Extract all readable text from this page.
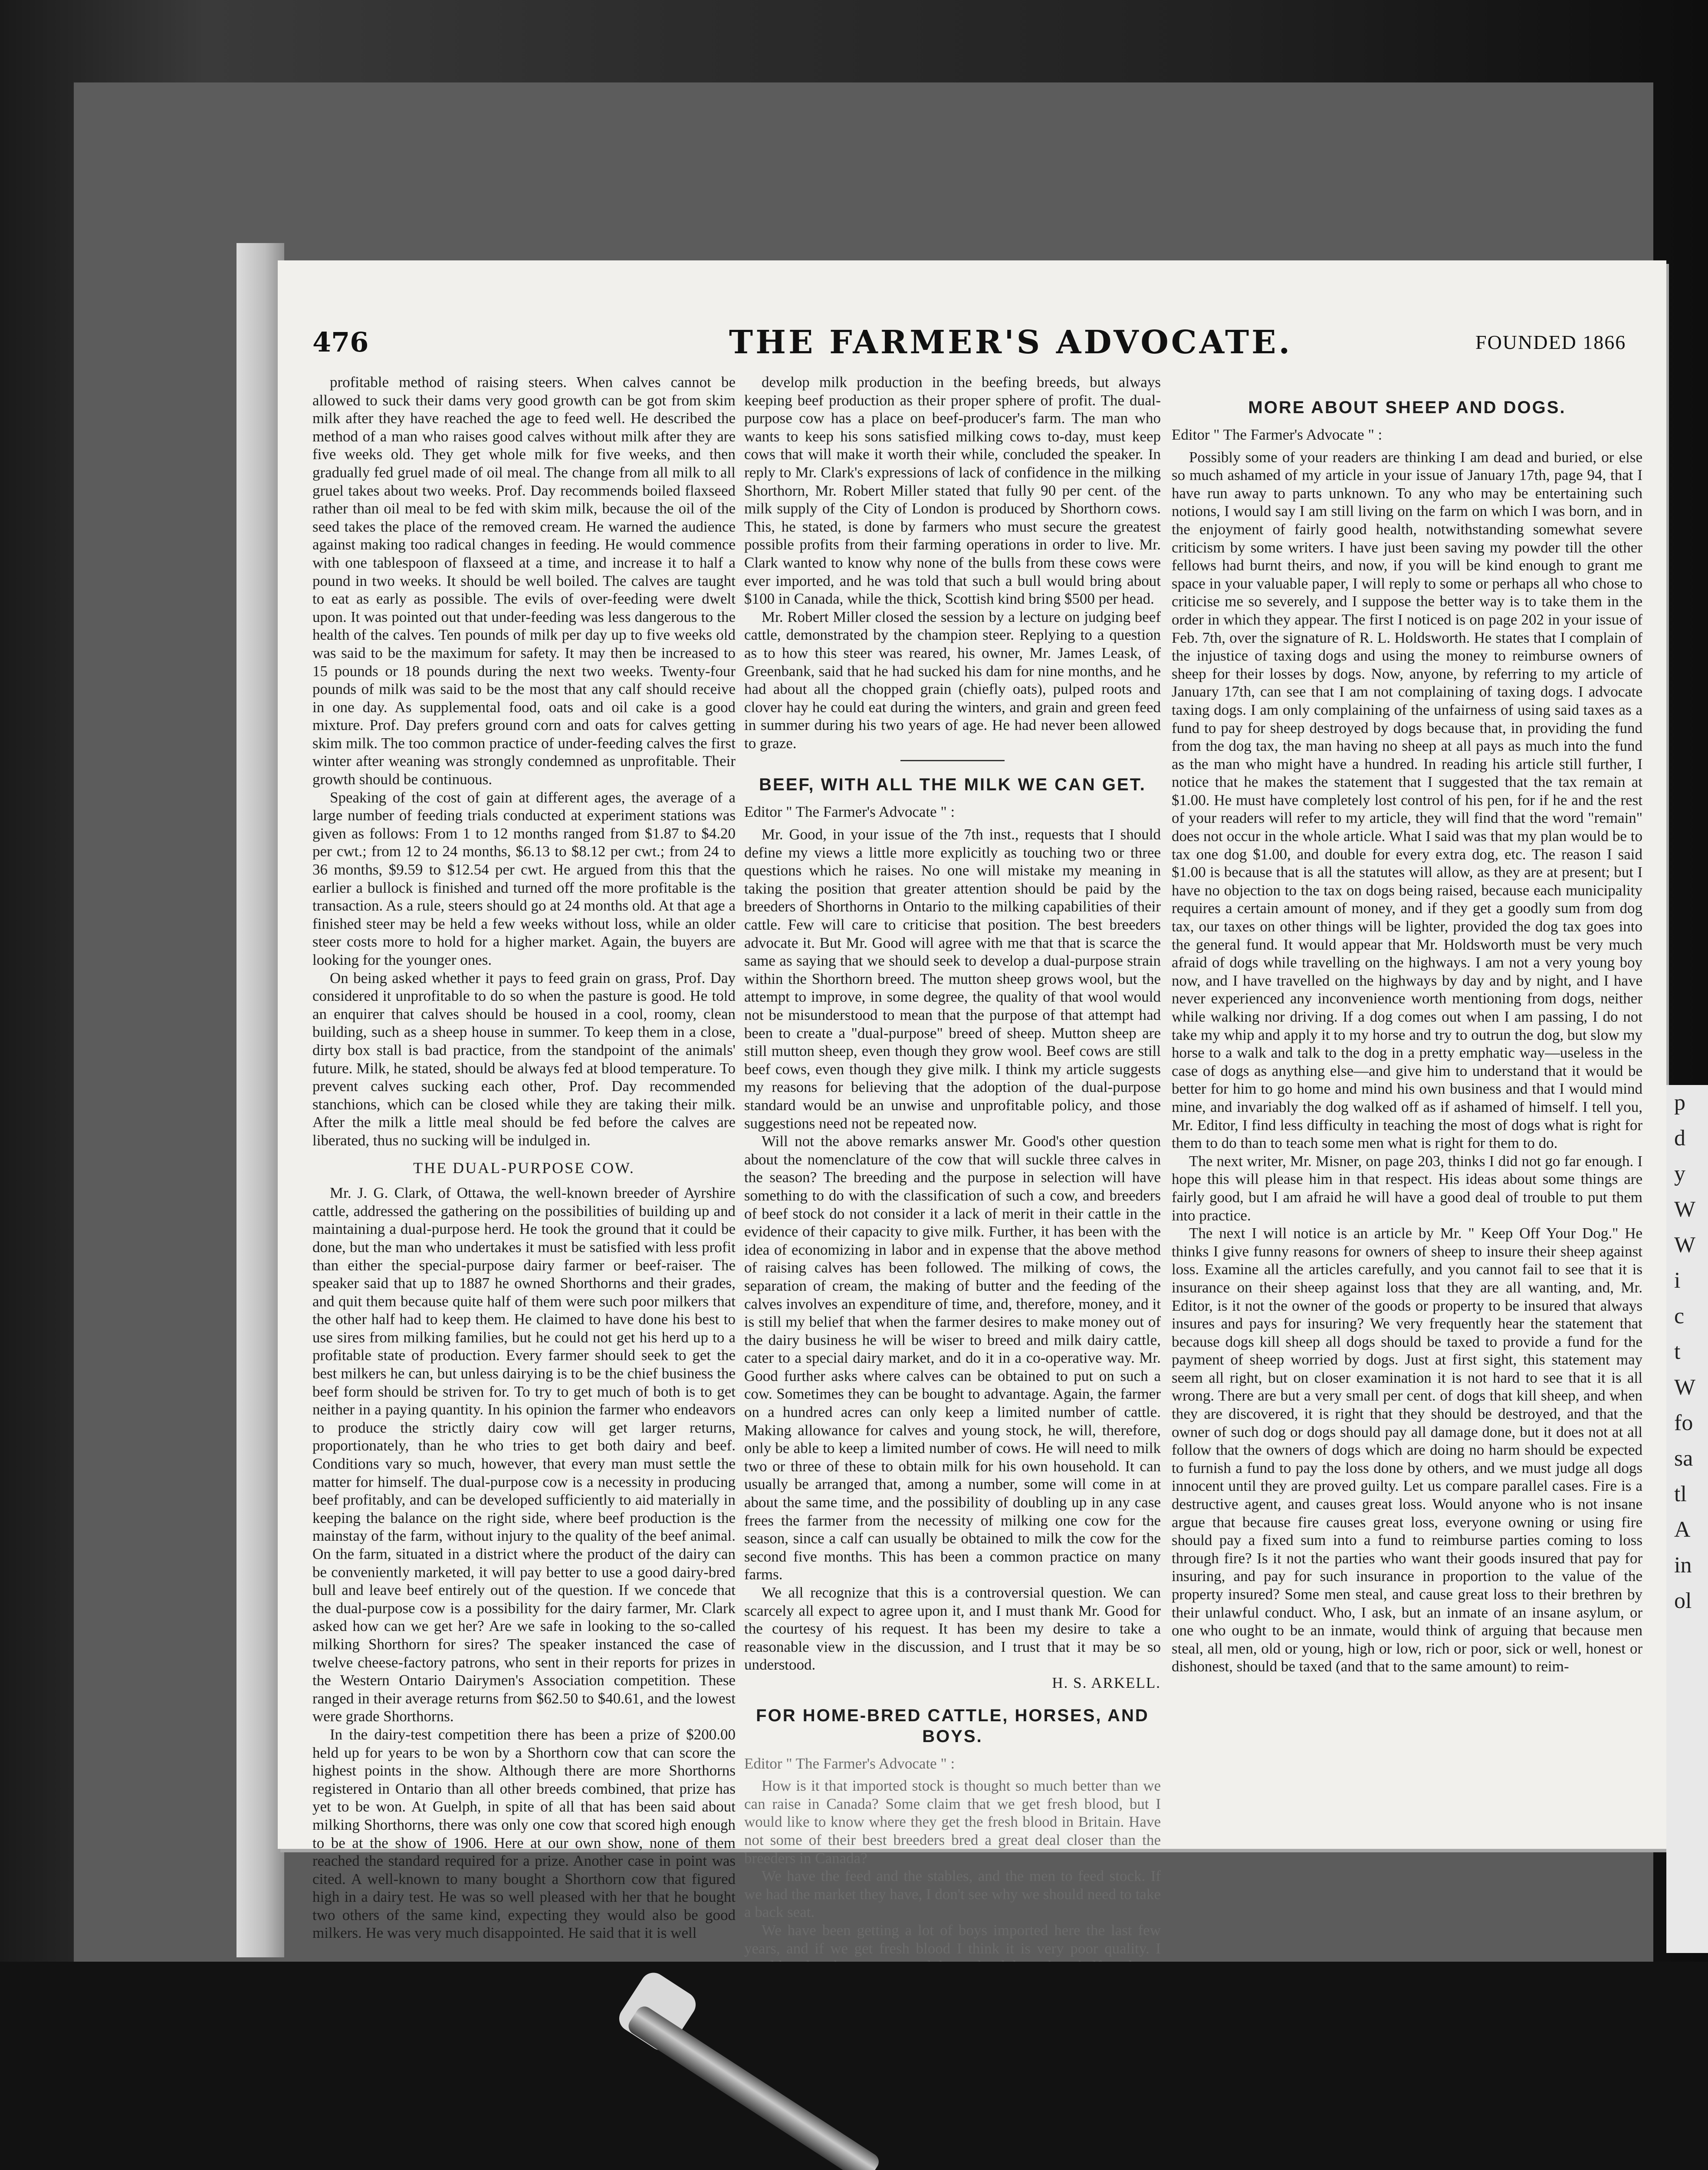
476	THE FARMER'S ADVOCATE.	FOUNDED 1866

profitable method of raising steers. When calves cannot be allowed to suck their dams very good growth can be got from skim milk after they have reached the age to feed well. He described the method of a man who raises good calves without milk after they are five weeks old. They get whole milk for five weeks, and then gradually fed gruel made of oil meal. The change from all milk to all gruel takes about two weeks. Prof. Day recommends boiled flaxseed rather than oil meal to be fed with skim milk, because the oil of the seed takes the place of the removed cream. He warned the audience against making too radical changes in feeding. He would commence with one tablespoon of flaxseed at a time, and increase it to half a pound in two weeks. It should be well boiled. The calves are taught to eat as early as possible. The evils of over-feeding were dwelt upon. It was pointed out that under-feeding was less dangerous to the health of the calves. Ten pounds of milk per day up to five weeks old was said to be the maximum for safety. It may then be increased to 15 pounds or 18 pounds during the next two weeks. Twenty-four pounds of milk was said to be the most that any calf should receive in one day. As supplemental food, oats and oil cake is a good mixture. Prof. Day prefers ground corn and oats for calves getting skim milk. The too common practice of under-feeding calves the first winter after weaning was strongly condemned as unprofitable. Their growth should be continuous.

Speaking of the cost of gain at different ages, the average of a large number of feeding trials conducted at experiment stations was given as follows: From 1 to 12 months ranged from $1.87 to $4.20 per cwt.; from 12 to 24 months, $6.13 to $8.12 per cwt.; from 24 to 36 months, $9.59 to $12.54 per cwt. He argued from this that the earlier a bullock is finished and turned off the more profitable is the transaction. As a rule, steers should go at 24 months old. At that age a finished steer may be held a few weeks without loss, while an older steer costs more to hold for a higher market. Again, the buyers are looking for the younger ones.

On being asked whether it pays to feed grain on grass, Prof. Day considered it unprofitable to do so when the pasture is good. He told an enquirer that calves should be housed in a cool, roomy, clean building, such as a sheep house in summer. To keep them in a close, dirty box stall is bad practice, from the standpoint of the animals' future. Milk, he stated, should be always fed at blood temperature. To prevent calves sucking each other, Prof. Day recommended stanchions, which can be closed while they are taking their milk. After the milk a little meal should be fed before the calves are liberated, thus no sucking will be indulged in.

THE DUAL-PURPOSE COW.

Mr. J. G. Clark, of Ottawa, the well-known breeder of Ayrshire cattle, addressed the gathering on the possibilities of building up and maintaining a dual-purpose herd. He took the ground that it could be done, but the man who undertakes it must be satisfied with less profit than either the special-purpose dairy farmer or beef-raiser. The speaker said that up to 1887 he owned Shorthorns and their grades, and quit them because quite half of them were such poor milkers that the other half had to keep them. He claimed to have done his best to use sires from milking families, but he could not get his herd up to a profitable state of production. Every farmer should seek to get the best milkers he can, but unless dairying is to be the chief business the beef form should be striven for. To try to get much of both is to get neither in a paying quantity. In his opinion the farmer who endeavors to produce the strictly dairy cow will get larger returns, proportionately, than he who tries to get both dairy and beef. Conditions vary so much, however, that every man must settle the matter for himself. The dual-purpose cow is a necessity in producing beef profitably, and can be developed sufficiently to aid materially in keeping the balance on the right side, where beef production is the mainstay of the farm, without injury to the quality of the beef animal. On the farm, situated in a district where the product of the dairy can be conveniently marketed, it will pay better to use a good dairy-bred bull and leave beef entirely out of the question. If we concede that the dual-purpose cow is a possibility for the dairy farmer, Mr. Clark asked how can we get her? Are we safe in looking to the so-called milking Shorthorn for sires? The speaker instanced the case of twelve cheese-factory patrons, who sent in their reports for prizes in the Western Ontario Dairymen's Association competition. These ranged in their average returns from $62.50 to $40.61, and the lowest were grade Shorthorns.

In the dairy-test competition there has been a prize of $200.00 held up for years to be won by a Shorthorn cow that can score the highest points in the show. Although there are more Shorthorns registered in Ontario than all other breeds combined, that prize has yet to be won. At Guelph, in spite of all that has been said about milking Shorthorns, there was only one cow that scored high enough to be at the show of 1906. Here at our own show, none of them reached the standard required for a prize. Another case in point was cited. A well-known to many bought a Shorthorn cow that figured high in a dairy test. He was so well pleased with her that he bought two others of the same kind, expecting they would also be good milkers. He was very much disappointed. He said that it is well

develop milk production in the beefing breeds, but always keeping beef production as their proper sphere of profit. The dual-purpose cow has a place on beef-producer's farm. The man who wants to keep his sons satisfied milking cows to-day, must keep cows that will make it worth their while, concluded the speaker. In reply to Mr. Clark's expressions of lack of confidence in the milking Shorthorn, Mr. Robert Miller stated that fully 90 per cent. of the milk supply of the City of London is produced by Shorthorn cows. This, he stated, is done by farmers who must secure the greatest possible profits from their farming operations in order to live. Mr. Clark wanted to know why none of the bulls from these cows were ever imported, and he was told that such a bull would bring about $100 in Canada, while the thick, Scottish kind bring $500 per head.

Mr. Robert Miller closed the session by a lecture on judging beef cattle, demonstrated by the champion steer. Replying to a question as to how this steer was reared, his owner, Mr. James Leask, of Greenbank, said that he had sucked his dam for nine months, and he had about all the chopped grain (chiefly oats), pulped roots and clover hay he could eat during the winters, and grain and green feed in summer during his two years of age. He had never been allowed to graze.

BEEF, WITH ALL THE MILK WE CAN GET.

Editor " The Farmer's Advocate " :

Mr. Good, in your issue of the 7th inst., requests that I should define my views a little more explicitly as touching two or three questions which he raises. No one will mistake my meaning in taking the position that greater attention should be paid by the breeders of Shorthorns in Ontario to the milking capabilities of their cattle. Few will care to criticise that position. The best breeders advocate it. But Mr. Good will agree with me that that is scarce the same as saying that we should seek to develop a dual-purpose strain within the Shorthorn breed. The mutton sheep grows wool, but the attempt to improve, in some degree, the quality of that wool would not be misunderstood to mean that the purpose of that attempt had been to create a "dual-purpose" breed of sheep. Mutton sheep are still mutton sheep, even though they grow wool. Beef cows are still beef cows, even though they give milk. I think my article suggests my reasons for believing that the adoption of the dual-purpose standard would be an unwise and unprofitable policy, and those suggestions need not be repeated now.

Will not the above remarks answer Mr. Good's other question about the nomenclature of the cow that will suckle three calves in the season? The breeding and the purpose in selection will have something to do with the classification of such a cow, and breeders of beef stock do not consider it a lack of merit in their cattle in the evidence of their capacity to give milk. Further, it has been with the idea of economizing in labor and in expense that the above method of raising calves has been followed. The milking of cows, the separation of cream, the making of butter and the feeding of the calves involves an expenditure of time, and, therefore, money, and it is still my belief that when the farmer desires to make money out of the dairy business he will be wiser to breed and milk dairy cattle, cater to a special dairy market, and do it in a co-operative way. Mr. Good further asks where calves can be obtained to put on such a cow. Sometimes they can be bought to advantage. Again, the farmer on a hundred acres can only keep a limited number of cattle. Making allowance for calves and young stock, he will, therefore, only be able to keep a limited number of cows. He will need to milk two or three of these to obtain milk for his own household. It can usually be arranged that, among a number, some will come in at about the same time, and the possibility of doubling up in any case frees the farmer from the necessity of milking one cow for the season, since a calf can usually be obtained to milk the cow for the second five months. This has been a common practice on many farms.

We all recognize that this is a controversial question. We can scarcely all expect to agree upon it, and I must thank Mr. Good for the courtesy of his request. It has been my desire to take a reasonable view in the discussion, and I trust that it may be so understood.

H. S. ARKELL.

FOR HOME-BRED CATTLE, HORSES, AND BOYS.

Editor " The Farmer's Advocate " :

How is it that imported stock is thought so much better than we can raise in Canada? Some claim that we get fresh blood, but I would like to know where they get the fresh blood in Britain. Have not some of their best breeders bred a great deal closer than the breeders in Canada?

We have the feed and the stables, and the men to feed stock. If we had the market they have, I don't see why we should need to take a back seat.

We have been getting a lot of boys imported here the last few years, and if we get fresh blood I think it is very poor quality. I

MORE ABOUT SHEEP AND DOGS.

Editor " The Farmer's Advocate " :

Possibly some of your readers are thinking I am dead and buried, or else so much ashamed of my article in your issue of January 17th, page 94, that I have run away to parts unknown. To any who may be entertaining such notions, I would say I am still living on the farm on which I was born, and in the enjoyment of fairly good health, notwithstanding somewhat severe criticism by some writers. I have just been saving my powder till the other fellows had burnt theirs, and now, if you will be kind enough to grant me space in your valuable paper, I will reply to some or perhaps all who chose to criticise me so severely, and I suppose the better way is to take them in the order in which they appear. The first I noticed is on page 202 in your issue of Feb. 7th, over the signature of R. L. Holdsworth. He states that I complain of the injustice of taxing dogs and using the money to reimburse owners of sheep for their losses by dogs. Now, anyone, by referring to my article of January 17th, can see that I am not complaining of taxing dogs. I advocate taxing dogs. I am only complaining of the unfairness of using said taxes as a fund to pay for sheep destroyed by dogs because that, in providing the fund from the dog tax, the man having no sheep at all pays as much into the fund as the man who might have a hundred. In reading his article still further, I notice that he makes the statement that I suggested that the tax remain at $1.00. He must have completely lost control of his pen, for if he and the rest of your readers will refer to my article, they will find that the word "remain" does not occur in the whole article. What I said was that my plan would be to tax one dog $1.00, and double for every extra dog, etc. The reason I said $1.00 is because that is all the statutes will allow, as they are at present; but I have no objection to the tax on dogs being raised, because each municipality requires a certain amount of money, and if they get a goodly sum from dog tax, our taxes on other things will be lighter, provided the dog tax goes into the general fund. It would appear that Mr. Holdsworth must be very much afraid of dogs while travelling on the highways. I am not a very young boy now, and I have travelled on the highways by day and by night, and I have never experienced any inconvenience worth mentioning from dogs, neither while walking nor driving. If a dog comes out when I am passing, I do not take my whip and apply it to my horse and try to outrun the dog, but slow my horse to a walk and talk to the dog in a pretty emphatic way—useless in the case of dogs as anything else—and give him to understand that it would be better for him to go home and mind his own business and that I would mind mine, and invariably the dog walked off as if ashamed of himself. I tell you, Mr. Editor, I find less difficulty in teaching the most of dogs what is right for them to do than to teach some men what is right for them to do.

The next writer, Mr. Misner, on page 203, thinks I did not go far enough. I hope this will please him in that respect. His ideas about some things are fairly good, but I am afraid he will have a good deal of trouble to put them into practice.

The next I will notice is an article by Mr. " Keep Off Your Dog." He thinks I give funny reasons for owners of sheep to insure their sheep against loss. Examine all the articles carefully, and you cannot fail to see that it is insurance on their sheep against loss that they are all wanting, and, Mr. Editor, is it not the owner of the goods or property to be insured that always insures and pays for insuring? We very frequently hear the statement that because dogs kill sheep all dogs should be taxed to provide a fund for the payment of sheep worried by dogs. Just at first sight, this statement may seem all right, but on closer examination it is not hard to see that it is all wrong. There are but a very small per cent. of dogs that kill sheep, and when they are discovered, it is right that they should be destroyed, and that the owner of such dog or dogs should pay all damage done, but it does not at all follow that the owners of dogs which are doing no harm should be expected to furnish a fund to pay the loss done by others, and we must judge all dogs innocent until they are proved guilty. Let us compare parallel cases. Fire is a destructive agent, and causes great loss. Would anyone who is not insane argue that because fire causes great loss, everyone owning or using fire should pay a fixed sum into a fund to reimburse parties coming to loss through fire? Is it not the parties who want their goods insured that pay for insuring, and pay for such insurance in proportion to the value of the property insured? Some men steal, and cause great loss to their brethren by their unlawful conduct. Who, I ask, but an inmate of an insane asylum, or one who ought to be an inmate, would think of arguing that because men steal, all men, old or young, high or low, rich or poor, sick or well, honest or dishonest, should be taxed (and that to the same amount) to reim-

p
d
y
W
W
i
c
t
W
fo
sa
tl
A
in
ol
